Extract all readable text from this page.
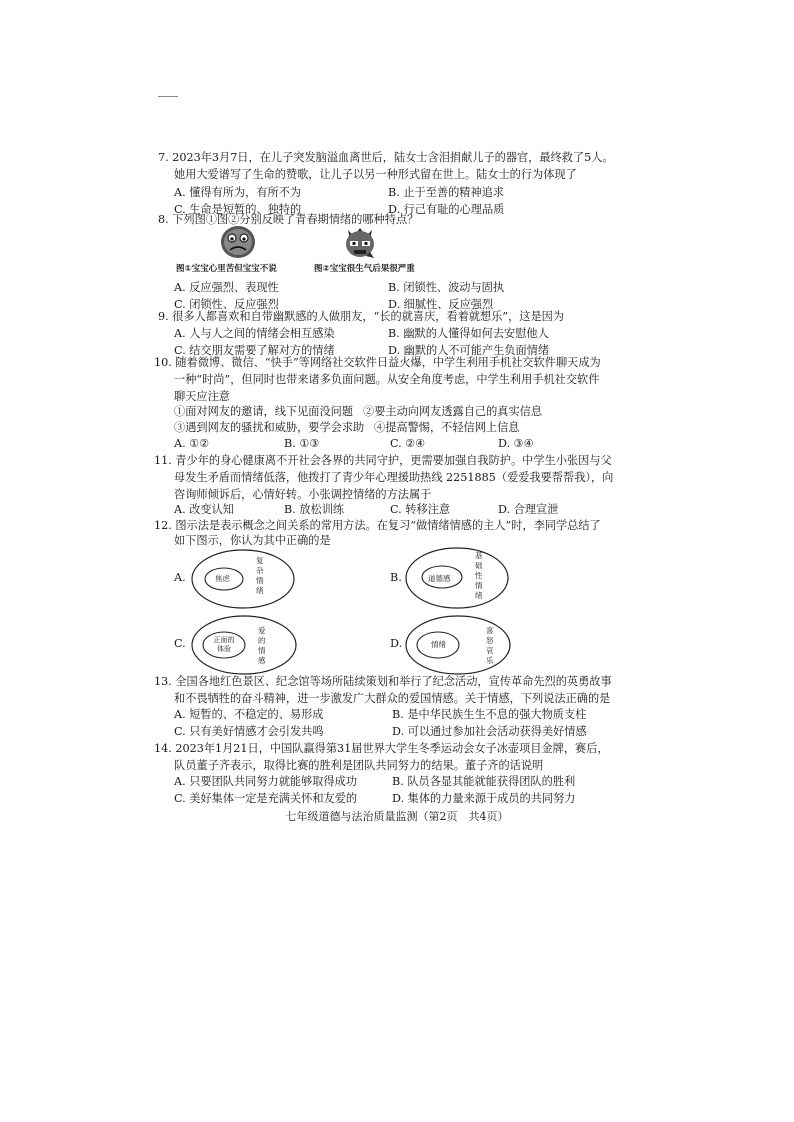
7. 2023年3月7日，在儿子突发脑溢血离世后，陆女士含泪捐献儿子的器官，最终救了5人。
她用大爱谱写了生命的赞歌，让儿子以另一种形式留在世上。陆女士的行为体现了
A. 懂得有所为，有所不为	B. 止于至善的精神追求
C. 生命是短暂的、独特的	D. 行己有耻的心理品质
8. 下列图①图②分别反映了青春期情绪的哪种特点？
图①宝宝心里苦但宝宝不说	图②宝宝很生气后果很严重
A. 反应强烈、表现性	B. 闭锁性、波动与固执
C. 闭锁性、反应强烈	D. 细腻性、反应强烈
9. 很多人都喜欢和自带幽默感的人做朋友，“长的就喜庆，看着就想乐”，这是因为
A. 人与人之间的情绪会相互感染	B. 幽默的人懂得如何去安慰他人
C. 结交朋友需要了解对方的情绪	D. 幽默的人不可能产生负面情绪
10. 随着微博、微信、“快手”等网络社交软件日益火爆，中学生利用手机社交软件聊天成为
一种“时尚”，但同时也带来诸多负面问题。从安全角度考虑，中学生利用手机社交软件
聊天应注意
①面对网友的邀请，线下见面没问题 ②要主动向网友透露自己的真实信息
③遇到网友的骚扰和威胁，要学会求助 ④提高警惕，不轻信网上信息
A. ①②	B. ①③	C. ②④	D. ③④
11. 青少年的身心健康离不开社会各界的共同守护，更需要加强自我防护。中学生小张因与父
母发生矛盾而情绪低落，他拨打了青少年心理援助热线 2251885（爱爱我要帮帮我），向
咨询师倾诉后，心情好转。小张调控情绪的方法属于
A. 改变认知	B. 放松训练	C. 转移注意	D. 合理宣泄
12. 图示法是表示概念之间关系的常用方法。在复习“做情绪情感的主人”时，李同学总结了
如下图示，你认为其中正确的是
A.	焦虑
复杂情绪
B.	道德感
基础性情绪
C.	正面的体验
爱的情感
D.	情绪
喜怒哀乐
13. 全国各地红色景区、纪念馆等场所陆续策划和举行了纪念活动，宣传革命先烈的英勇故事
和不畏牺牲的奋斗精神，进一步激发广大群众的爱国情感。关于情感，下列说法正确的是
A. 短暂的、不稳定的、易形成	B. 是中华民族生生不息的强大物质支柱
C. 只有美好情感才会引发共鸣	D. 可以通过参加社会活动获得美好情感
14. 2023年1月21日，中国队赢得第31届世界大学生冬季运动会女子冰壶项目金牌，赛后，
队员董子齐表示，取得比赛的胜利是团队共同努力的结果。董子齐的话说明
A. 只要团队共同努力就能够取得成功	B. 队员各显其能就能获得团队的胜利
C. 美好集体一定是充满关怀和友爱的	D. 集体的力量来源于成员的共同努力
七年级道德与法治质量监测（第2页　共4页）
